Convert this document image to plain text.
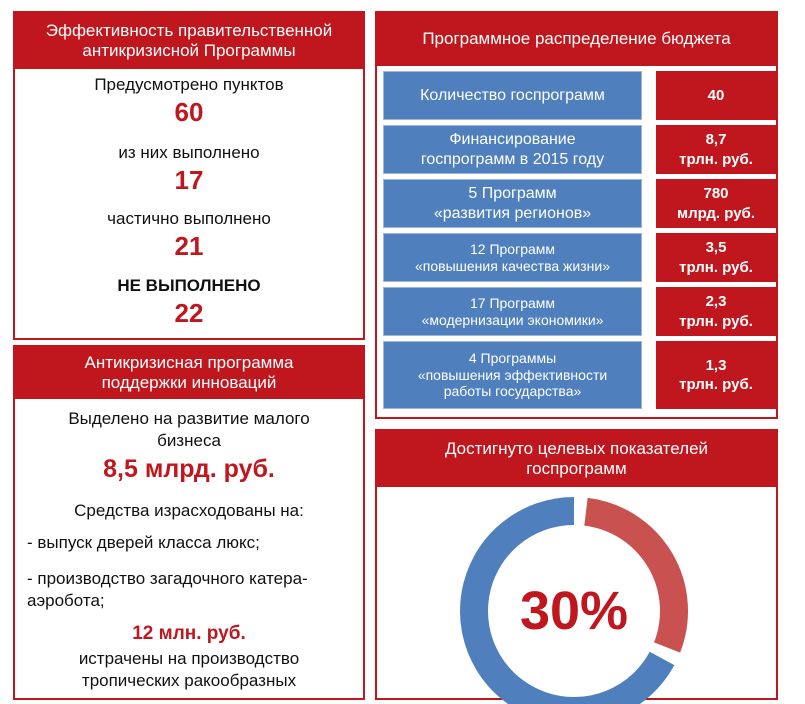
Эффективность правительственной
антикризисной Программы
Предусмотрено пунктов
60
из них выполнено
17
частично выполнено
21
НЕ ВЫПОЛНЕНО
22
Антикризисная программа
поддержки инноваций
Выделено на развитие малого
бизнеса
8,5 млрд. руб.
Средства израсходованы на:
- выпуск дверей класса люкс;
- производство загадочного катера-
аэробота;
12 млн. руб.
истрачены на производство
тропических ракообразных
Программное распределение бюджета
Количество госпрограмм	40
Финансирование
госпрограмм в 2015 году
8,7
трлн. руб.
5 Программ
«развития регионов»
780
млрд. руб.
12 Программ
«повышения качества жизни»
3,5
трлн. руб.
17 Программ
«модернизации экономики»
2,3
трлн. руб.
4 Программы
«повышения эффективности
работы государства»
1,3
трлн. руб.
Достигнуто целевых показателей
госпрограмм
30%
